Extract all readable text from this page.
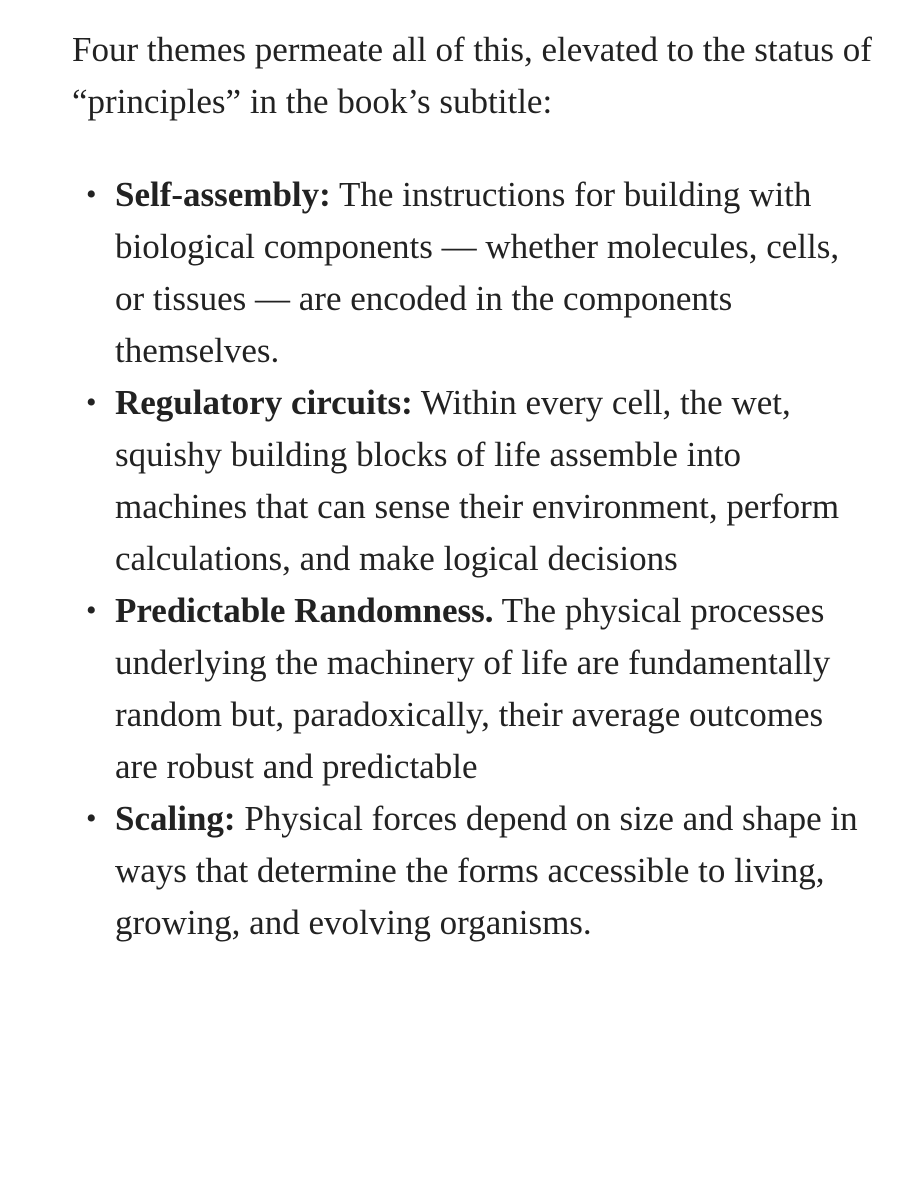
Four themes permeate all of this, elevated to the status of “principles” in the book’s subtitle:

• Self-assembly: The instructions for building with biological components — whether molecules, cells, or tissues — are encoded in the components themselves.
• Regulatory circuits: Within every cell, the wet, squishy building blocks of life assemble into machines that can sense their environment, perform calculations, and make logical decisions
• Predictable Randomness. The physical processes underlying the machinery of life are fundamentally random but, paradoxically, their average outcomes are robust and predictable
• Scaling: Physical forces depend on size and shape in ways that determine the forms accessible to living, growing, and evolving organisms.
